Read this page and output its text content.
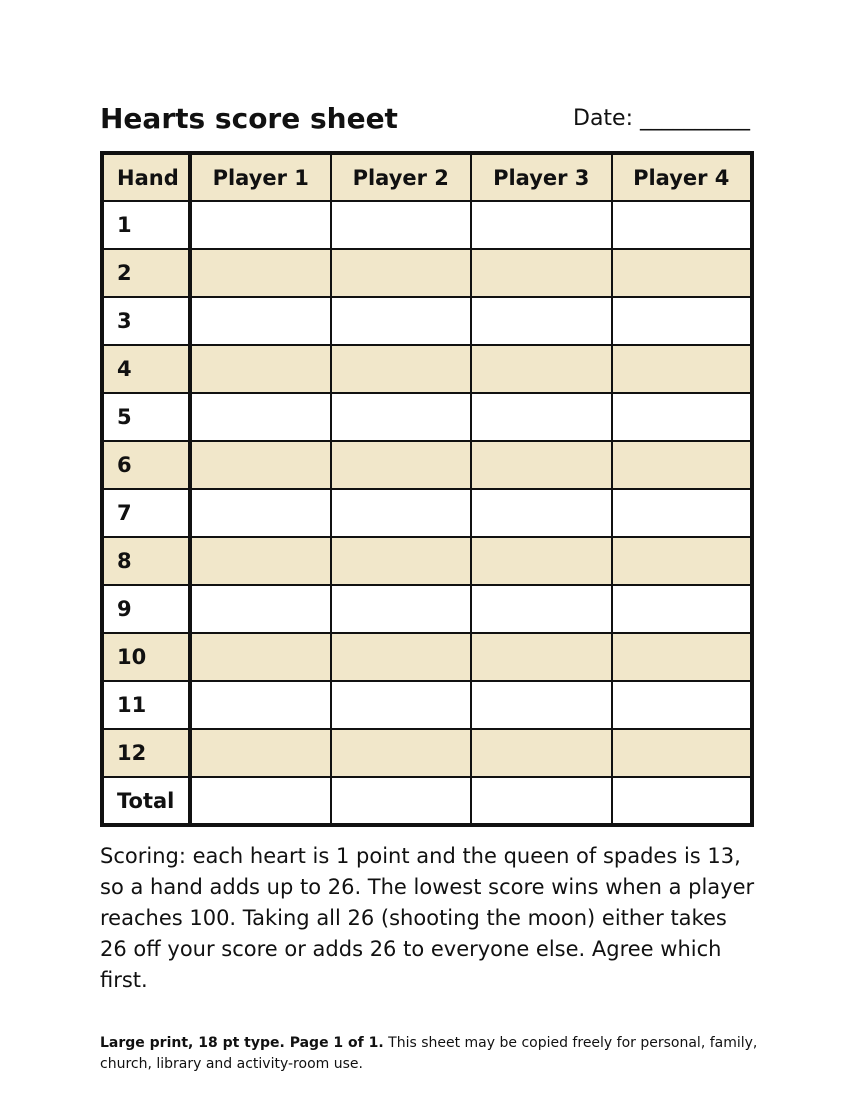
Hearts score sheet	Date: __________
Hand	Player 1	Player 2	Player 3	Player 4
1				
2				
3				
4				
5				
6				
7				
8				
9				
10				
11				
12				
Total				

Scoring: each heart is 1 point and the queen of spades is 13, so a hand adds up to 26. The lowest score wins when a player reaches 100. Taking all 26 (shooting the moon) either takes 26 off your score or adds 26 to everyone else. Agree which first.

Large print, 18 pt type. Page 1 of 1. This sheet may be copied freely for personal, family, church, library and activity-room use.
